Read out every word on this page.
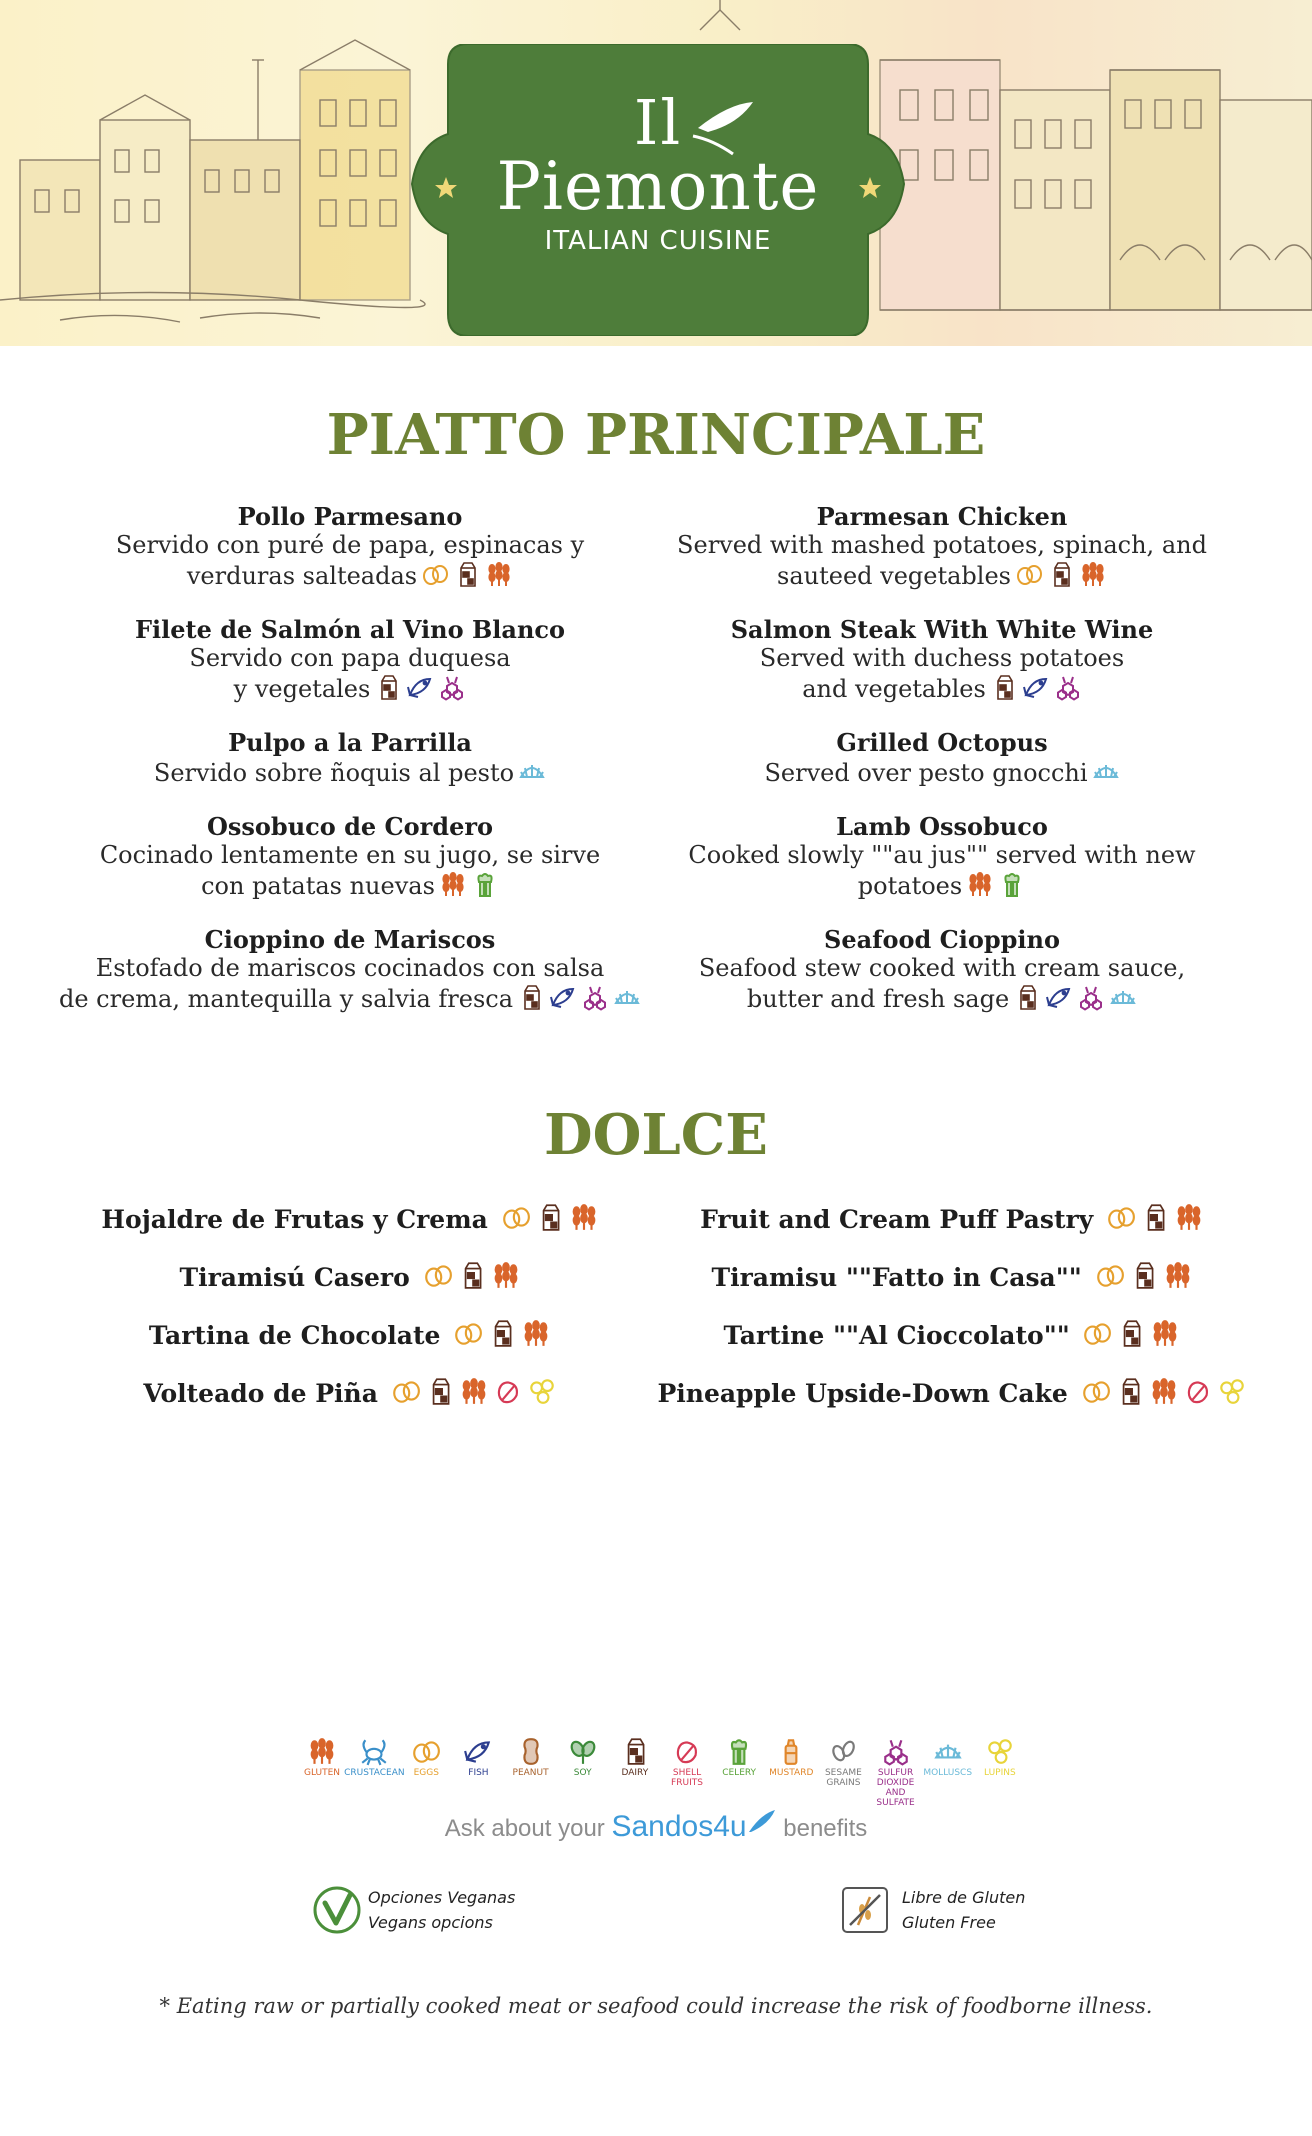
Il
Piemonte
ITALIAN CUISINE
PIATTO PRINCIPALE
Pollo Parmesano
Servido con puré de papa, espinacas y
verduras salteadas
Filete de Salmón al Vino Blanco
Servido con papa duquesa
y vegetales
Pulpo a la Parrilla
Servido sobre ñoquis al pesto
Ossobuco de Cordero
Cocinado lentamente en su jugo, se sirve
con patatas nuevas
Cioppino de Mariscos
Estofado de mariscos cocinados con salsa
de crema, mantequilla y salvia fresca
Parmesan Chicken
Served with mashed potatoes, spinach, and
sauteed vegetables
Salmon Steak With White Wine
Served with duchess potatoes
and vegetables
Grilled Octopus
Served over pesto gnocchi
Lamb Ossobuco
Cooked slowly ""au jus"" served with new
potatoes
Seafood Cioppino
Seafood stew cooked with cream sauce,
butter and fresh sage
DOLCE
Hojaldre de Frutas y Crema
Tiramisú Casero
Tartina de Chocolate
Volteado de Piña
Fruit and Cream Puff Pastry
Tiramisu ""Fatto in Casa""
Tartine ""Al Cioccolato""
Pineapple Upside-Down Cake
GLUTEN CRUSTACEAN EGGS	FISH	PEANUT	SOY	DAIRY	SHELL
FRUITS
CELERY	MUSTARD	SESAME
GRAINS
SULFUR DIOXIDE
AND SULFATE
MOLLUSCS	LUPINS
Ask about your Sandos4u benefits
Opciones Veganas
Vegans opcions
Libre de Gluten
Gluten Free
* Eating raw or partially cooked meat or seafood could increase the risk of foodborne illness.
